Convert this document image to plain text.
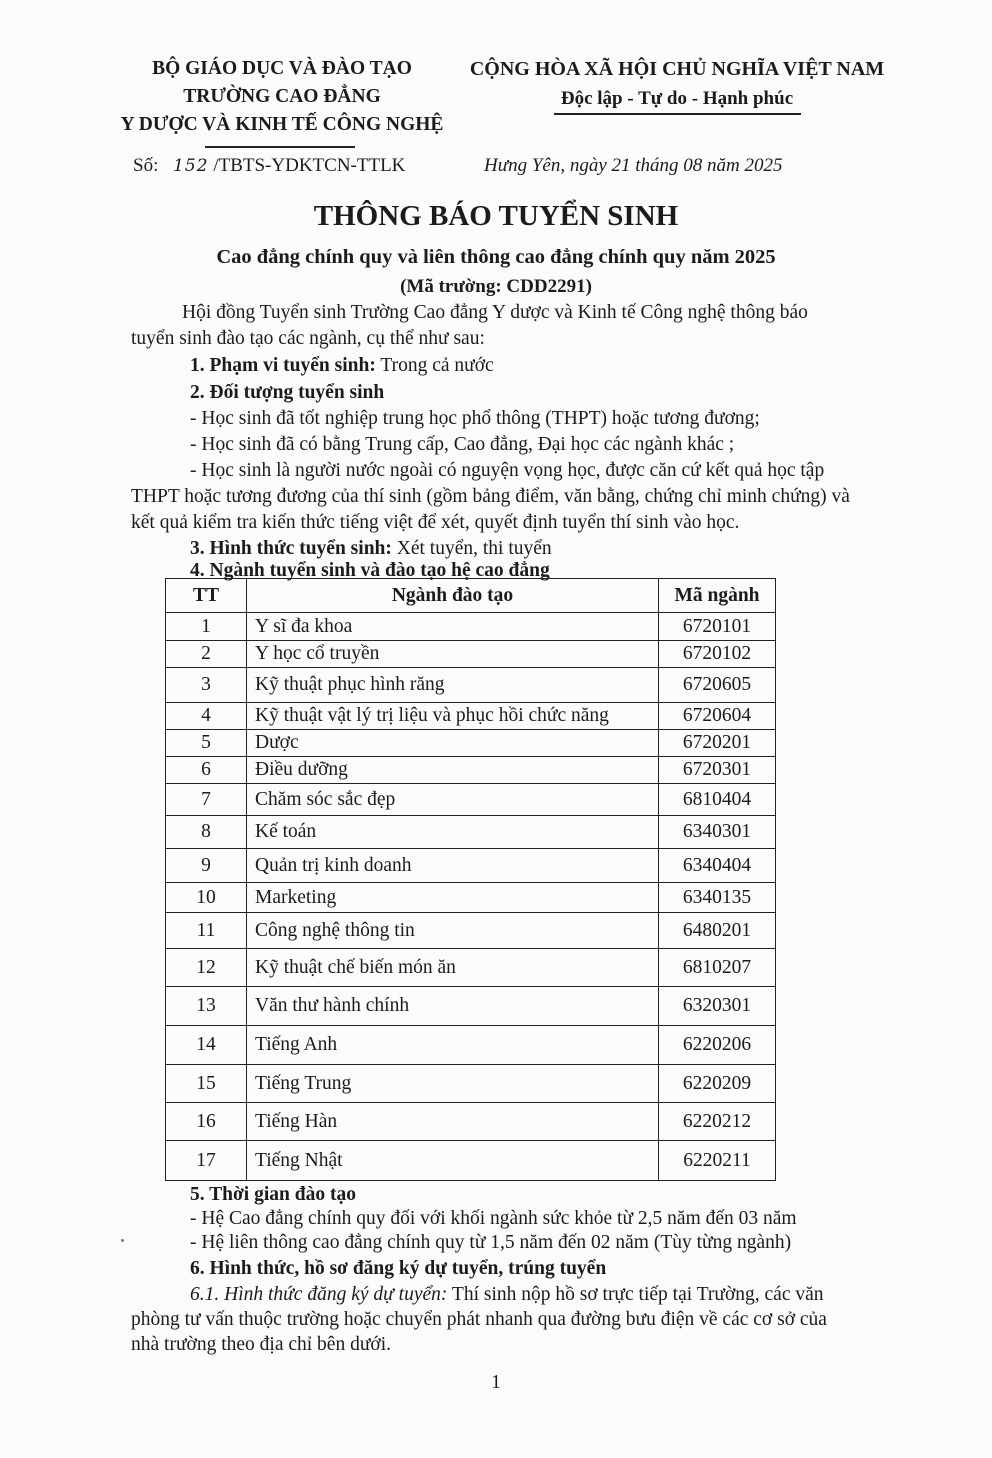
BỘ GIÁO DỤC VÀ ĐÀO TẠO
TRƯỜNG CAO ĐẲNG
Y DƯỢC VÀ KINH TẾ CÔNG NGHỆ
Số: 152 /TBTS-YDKTCN-TTLK
CỘNG HÒA XÃ HỘI CHỦ NGHĨA VIỆT NAM
Độc lập - Tự do - Hạnh phúc
Hưng Yên, ngày 21 tháng 08 năm 2025
THÔNG BÁO TUYỂN SINH
Cao đẳng chính quy và liên thông cao đẳng chính quy năm 2025
(Mã trường: CDD2291)
Hội đồng Tuyển sinh Trường Cao đẳng Y dược và Kinh tế Công nghệ thông báo
tuyển sinh đào tạo các ngành, cụ thể như sau:
1. Phạm vi tuyển sinh: Trong cả nước
2. Đối tượng tuyển sinh
- Học sinh đã tốt nghiệp trung học phổ thông (THPT) hoặc tương đương;
- Học sinh đã có bằng Trung cấp, Cao đẳng, Đại học các ngành khác ;
- Học sinh là người nước ngoài có nguyện vọng học, được căn cứ kết quả học tập
THPT hoặc tương đương của thí sinh (gồm bảng điểm, văn bằng, chứng chỉ minh chứng) và
kết quả kiểm tra kiến thức tiếng việt để xét, quyết định tuyển thí sinh vào học.
3. Hình thức tuyển sinh: Xét tuyển, thi tuyển
4. Ngành tuyển sinh và đào tạo hệ cao đẳng
TT	Ngành đào tạo	Mã ngành
1	Y sĩ đa khoa	6720101
2	Y học cổ truyền	6720102
3	Kỹ thuật phục hình răng	6720605
4	Kỹ thuật vật lý trị liệu và phục hồi chức năng	6720604
5	Dược	6720201
6	Điều dưỡng	6720301
7	Chăm sóc sắc đẹp	6810404
8	Kế toán	6340301
9	Quản trị kinh doanh	6340404
10	Marketing	6340135
11	Công nghệ thông tin	6480201
12	Kỹ thuật chế biến món ăn	6810207
13	Văn thư hành chính	6320301
14	Tiếng Anh	6220206
15	Tiếng Trung	6220209
16	Tiếng Hàn	6220212
17	Tiếng Nhật	6220211
5. Thời gian đào tạo
- Hệ Cao đẳng chính quy đối với khối ngành sức khỏe từ 2,5 năm đến 03 năm
- Hệ liên thông cao đẳng chính quy từ 1,5 năm đến 02 năm (Tùy từng ngành)
6. Hình thức, hồ sơ đăng ký dự tuyển, trúng tuyển
6.1. Hình thức đăng ký dự tuyển: Thí sinh nộp hồ sơ trực tiếp tại Trường, các văn
phòng tư vấn thuộc trường hoặc chuyển phát nhanh qua đường bưu điện về các cơ sở của
nhà trường theo địa chỉ bên dưới.
1
